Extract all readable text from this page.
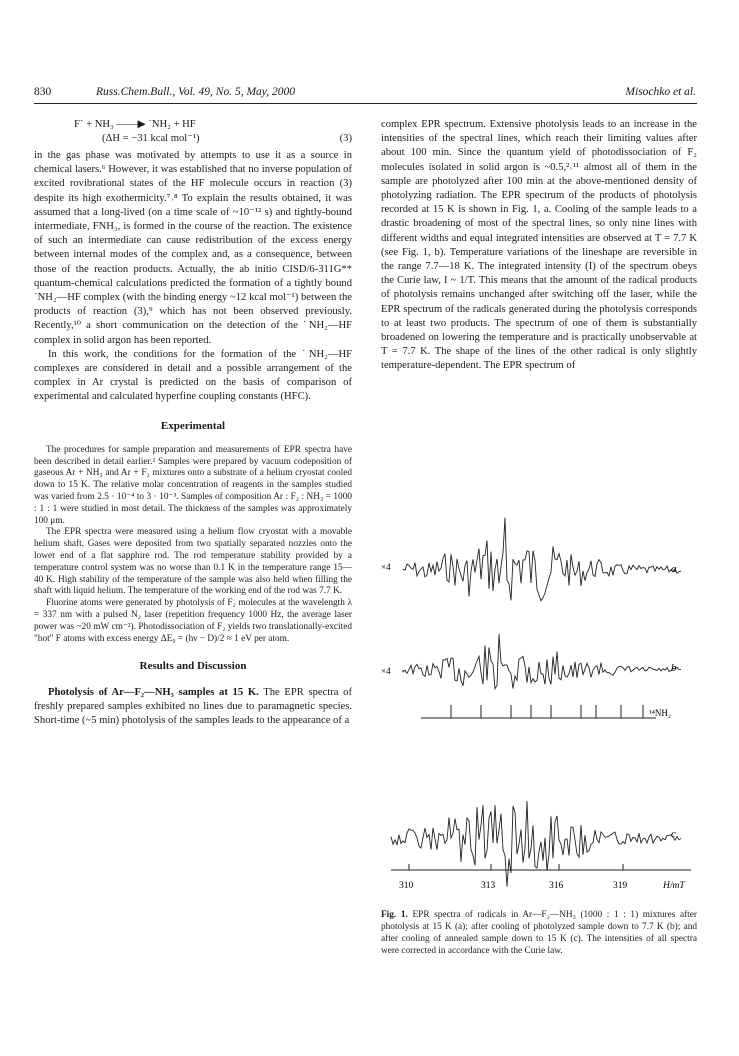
830	Russ.Chem.Bull., Vol. 49, No. 5, May, 2000	Misochko et al.
F˙ + NH₃ ——▶ ˙NH₂ + HF
(ΔH = −31 kcal mol⁻¹)	(3)

in the gas phase was motivated by attempts to use it as a source in chemical lasers.⁶ However, it was established that no inverse population of excited rovibrational states of the HF molecule occurs in reaction (3) despite its high exothermicity.⁷˒⁸ To explain the results obtained, it was assumed that a long-lived (on a time scale of ~10⁻¹² s) and tightly-bound intermediate, FNH₃, is formed in the course of the reaction. The existence of such an intermediate can cause redistribution of the excess energy between internal modes of the complex and, as a consequence, between those of the reaction products. Actually, the ab initio CISD/6-311G** quantum-chemical calculations predicted the formation of a tightly bound ˙NH₂—HF complex (with the binding energy ~12 kcal mol⁻¹) between the products of reaction (3),⁹ which has not been observed previously. Recently,¹⁰ a short communication on the detection of the ˙NH₂—HF complex in solid argon has been reported.

In this work, the conditions for the formation of the ˙NH₂—HF complexes are considered in detail and a possible arrangement of the complex in Ar crystal is predicted on the basis of comparison of experimental and calculated hyperfine coupling constants (HFC).

Experimental

The procedures for sample preparation and measurements of EPR spectra have been described in detail earlier.² Samples were prepared by vacuum codeposition of gaseous Ar + NH₃ and Ar + F₂ mixtures onto a substrate of a helium cryostat cooled down to 15 K. The relative molar concentration of reagents in the samples studied was varied from 2.5 · 10⁻⁴ to 3 · 10⁻³. Samples of composition Ar : F₂ : NH₃ = 1000 : 1 : 1 were studied in most detail. The thickness of the samples was approximately 100 μm.

The EPR spectra were measured using a helium flow cryostat with a movable helium shaft. Gases were deposited from two spatially separated nozzles onto the lower end of a flat sapphire rod. The rod temperature stability provided by a temperature control system was no worse than 0.1 K in the temperature range 15—40 K. High stability of the temperature of the sample was also held when filling the shaft with liquid helium. The temperature of the working end of the rod was 7.7 K.

Fluorine atoms were generated by photolysis of F₂ molecules at the wavelength λ = 337 nm with a pulsed N₂ laser (repetition frequency 1000 Hz, the average laser power was ~20 mW cm⁻²). Photodissociation of F₂ yields two translationally-excited "hot" F atoms with excess energy ΔE₀ = (hν − D)/2 ≈ 1 eV per atom.

Results and Discussion

Photolysis of Ar—F₂—NH₃ samples at 15 K. The EPR spectra of freshly prepared samples exhibited no lines due to paramagnetic species. Short-time (~5 min) photolysis of the samples leads to the appearance of a

complex EPR spectrum. Extensive photolysis leads to an increase in the intensities of the spectral lines, which reach their limiting values after about 100 min. Since the quantum yield of photodissociation of F₂ molecules isolated in solid argon is ~0.5,²˒¹¹ almost all of them in the sample are photolyzed after 100 min at the above-mentioned density of photolyzing radiation. The EPR spectrum of the products of photolysis recorded at 15 K is shown in Fig. 1, a. Cooling of the sample leads to a drastic broadening of most of the spectral lines, so only nine lines with different widths and equal integrated intensities are observed at T = 7.7 K (see Fig. 1, b). Temperature variations of the lineshape are reversible in the range 7.7—18 K. The integrated intensity (I) of the spectrum obeys the Curie law, I ~ 1/T. This means that the amount of the radical products of photolysis remains unchanged after switching off the laser, while the EPR spectrum of the radicals generated during the photolysis corresponds to at least two products. The spectrum of one of them is substantially broadened on lowering the temperature and is practically unobservable at T = 7.7 K. The shape of the lines of the other radical is only slightly temperature-dependent. The EPR spectrum of

×4
×4
a
b
c
¹⁴NH₂
310	313	316	319	H/mT
Fig. 1. EPR spectra of radicals in Ar—F₂—NH₃ (1000 : 1 : 1) mixtures after photolysis at 15 K (a); after cooling of photolyzed sample down to 7.7 K (b); and after cooling of annealed sample down to 15 K (c). The intensities of all spectra were corrected in accordance with the Curie law.
